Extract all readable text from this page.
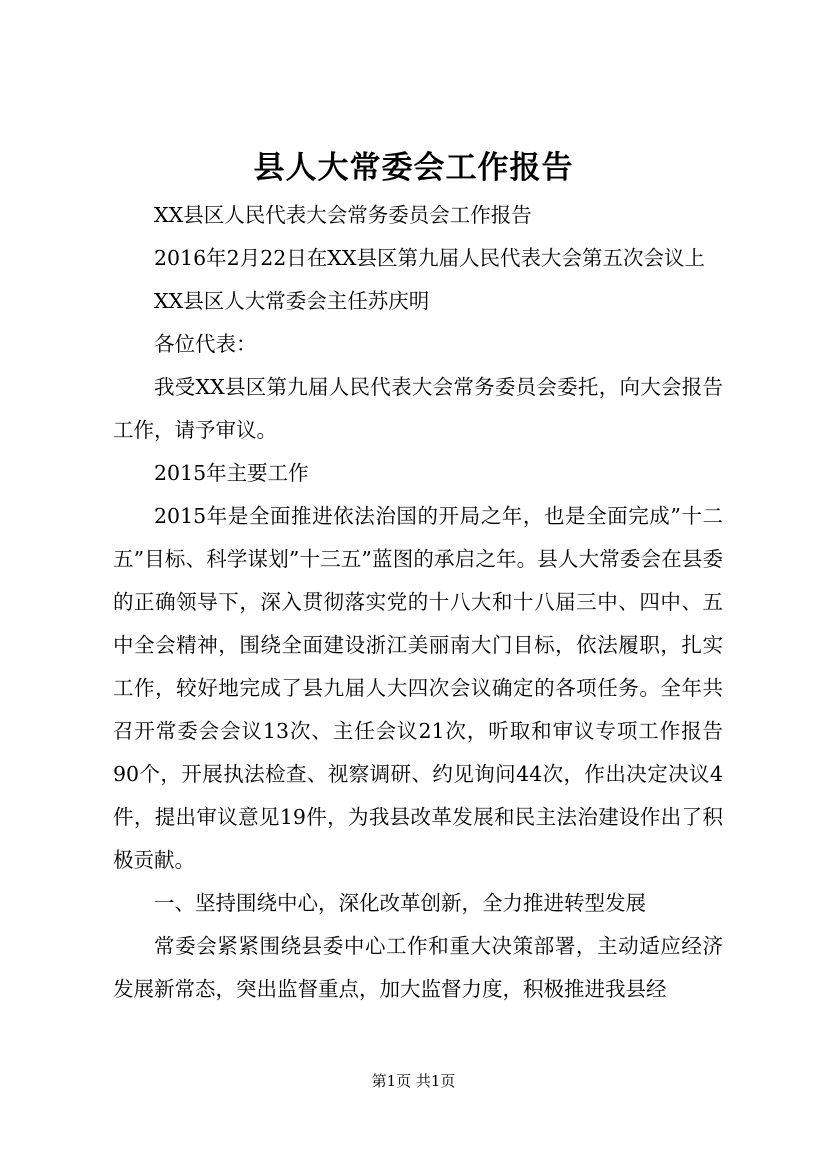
县人大常委会工作报告

XX县区人民代表大会常务委员会工作报告

2016年2月22日在XX县区第九届人民代表大会第五次会议上

XX县区人大常委会主任苏庆明

各位代表：

我受XX县区第九届人民代表大会常务委员会委托，向大会报告工作，请予审议。

2015年主要工作

2015年是全面推进依法治国的开局之年，也是全面完成”十二五”目标、科学谋划”十三五”蓝图的承启之年。县人大常委会在县委的正确领导下，深入贯彻落实党的十八大和十八届三中、四中、五中全会精神，围绕全面建设浙江美丽南大门目标，依法履职，扎实工作，较好地完成了县九届人大四次会议确定的各项任务。全年共召开常委会会议13次、主任会议21次，听取和审议专项工作报告90个，开展执法检查、视察调研、约见询问44次，作出决定决议4件，提出审议意见19件，为我县改革发展和民主法治建设作出了积极贡献。

一、坚持围绕中心，深化改革创新，全力推进转型发展

常委会紧紧围绕县委中心工作和重大决策部署，主动适应经济发展新常态，突出监督重点，加大监督力度，积极推进我县经

第1页 共1页
